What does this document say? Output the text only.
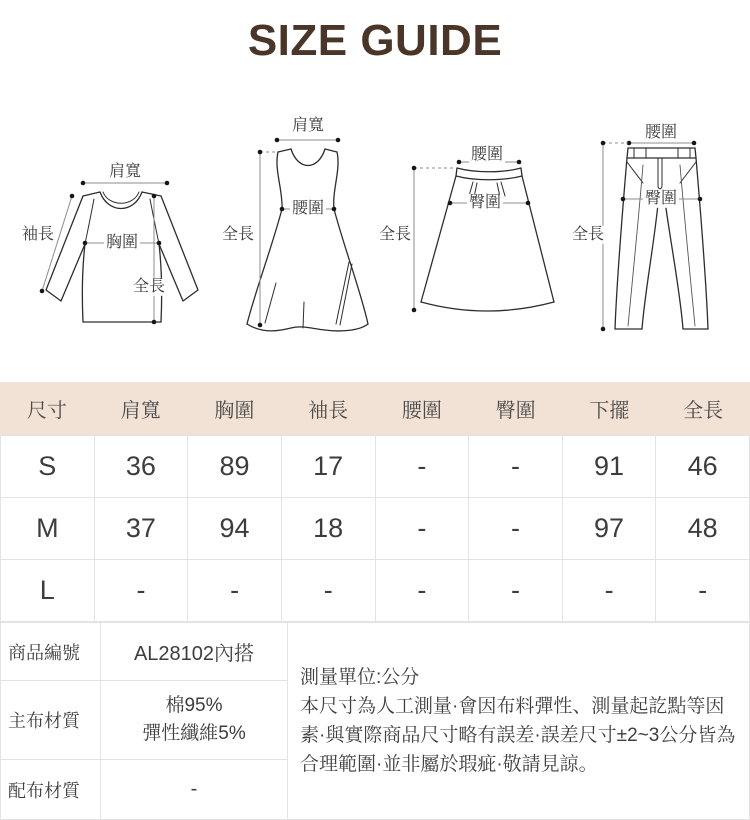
SIZE GUIDE
肩寬
袖長	胸圍
全長
肩寬
腰圍
全長
腰圍
臀圍
全長
腰圍
臀圍
全長
尺寸	肩寬	胸圍	袖長	腰圍	臀圍	下擺	全長
S	36	89	17	-	-	91	46
M	37	94	18	-	-	97	48
L	-	-	-	-	-	-	-
商品編號	AL28102內搭	測量單位:公分
本尺寸為人工測量·會因布料彈性、測量起訖點等因素·與實際商品尺寸略有誤差·誤差尺寸±2~3公分皆為合理範圍·並非屬於瑕疵·敬請見諒。

主布材質	棉95%
彈性纖維5%	

配布材質	-	
